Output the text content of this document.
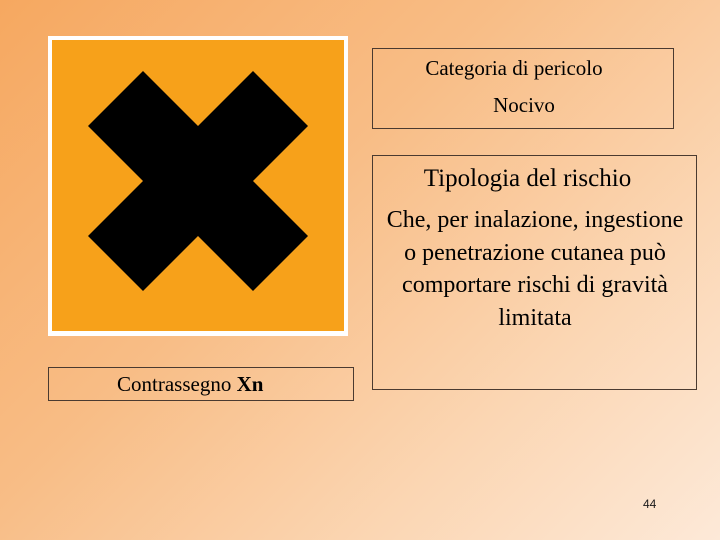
Contrassegno Xn
Categoria di pericolo
Nocivo
Tipologia del rischio
Che, per inalazione, ingestione o penetrazione cutanea può comportare rischi di gravità limitata
44
